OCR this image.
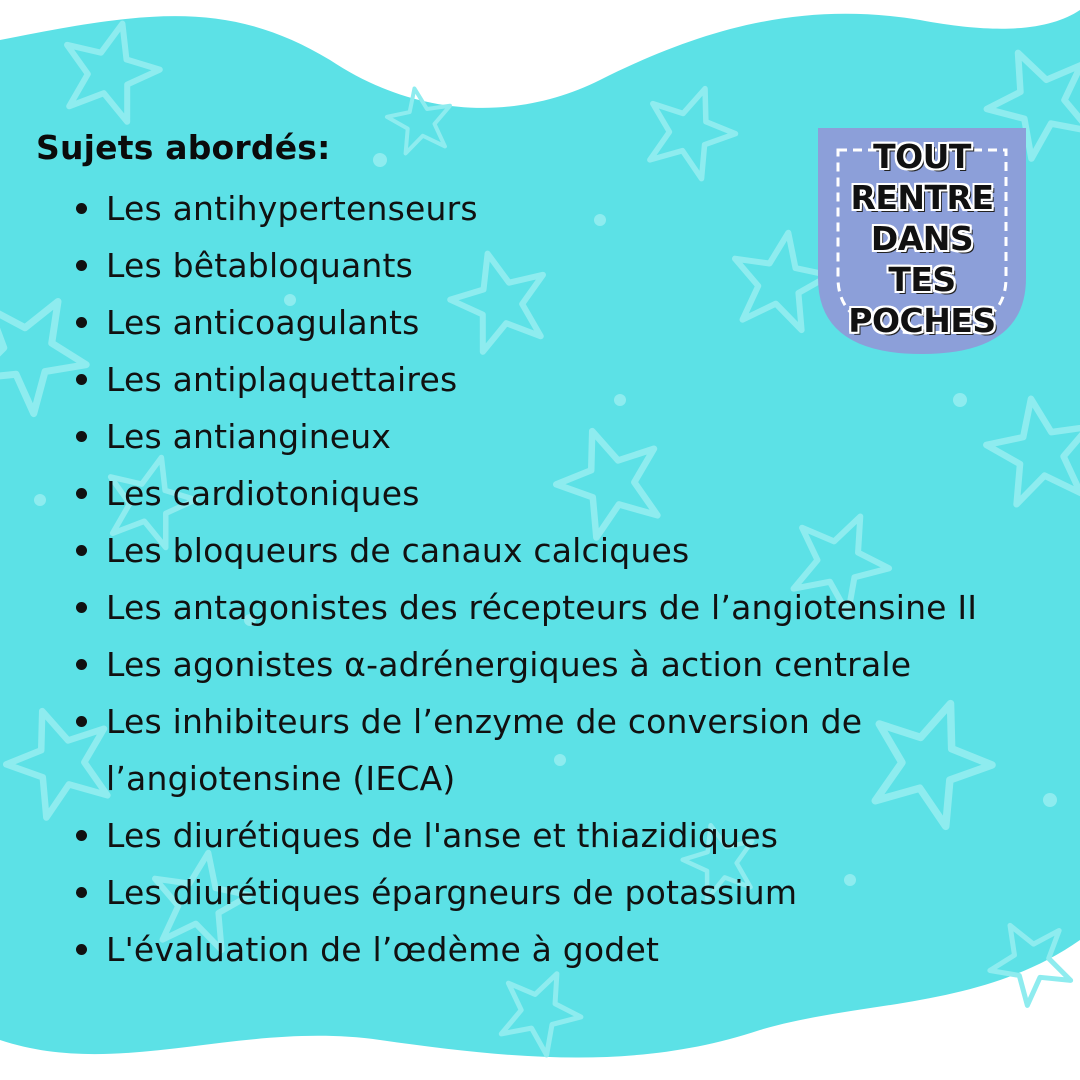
TOUT
RENTRE
DANS
TES
POCHES
Sujets abordés:
Les antihypertenseurs
Les bêtabloquants
Les anticoagulants
Les antiplaquettaires
Les antiangineux
Les cardiotoniques
Les bloqueurs de canaux calciques
Les antagonistes des récepteurs de l’angiotensine II
Les agonistes α-adrénergiques à action centrale
Les inhibiteurs de l’enzyme de conversion de
l’angiotensine (IECA)
Les diurétiques de l'anse et thiazidiques
Les diurétiques épargneurs de potassium
L'évaluation de l’œdème à godet
